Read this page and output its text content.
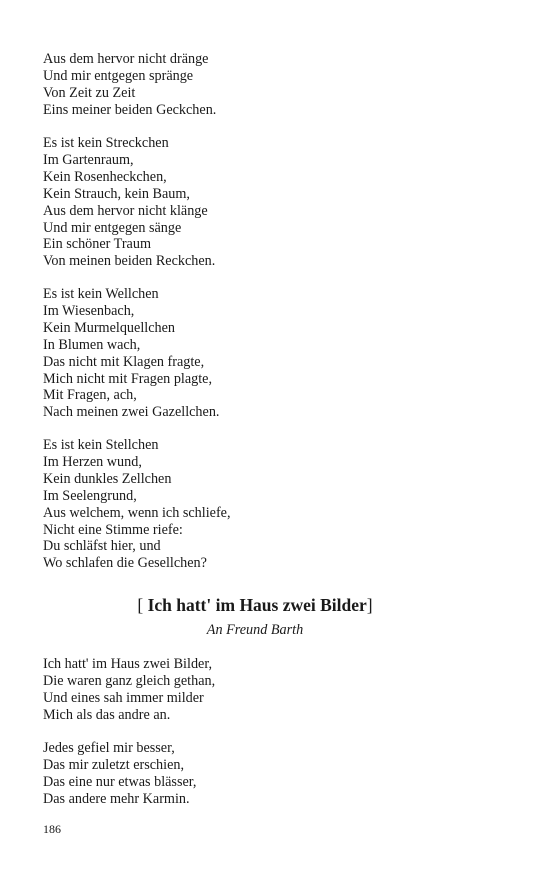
Aus dem hervor nicht dränge
Und mir entgegen spränge
Von Zeit zu Zeit
Eins meiner beiden Geckchen.
Es ist kein Streckchen
Im Gartenraum,
Kein Rosenheckchen,
Kein Strauch, kein Baum,
Aus dem hervor nicht klänge
Und mir entgegen sänge
Ein schöner Traum
Von meinen beiden Reckchen.
Es ist kein Wellchen
Im Wiesenbach,
Kein Murmelquellchen
In Blumen wach,
Das nicht mit Klagen fragte,
Mich nicht mit Fragen plagte,
Mit Fragen, ach,
Nach meinen zwei Gazellchen.
Es ist kein Stellchen
Im Herzen wund,
Kein dunkles Zellchen
Im Seelengrund,
Aus welchem, wenn ich schliefe,
Nicht eine Stimme riefe:
Du schläfst hier, und
Wo schlafen die Gesellchen?
[ Ich hatt' im Haus zwei Bilder]

An Freund Barth

Ich hatt' im Haus zwei Bilder,
Die waren ganz gleich gethan,
Und eines sah immer milder
Mich als das andre an.
Jedes gefiel mir besser,
Das mir zuletzt erschien,
Das eine nur etwas blässer,
Das andere mehr Karmin.
186
